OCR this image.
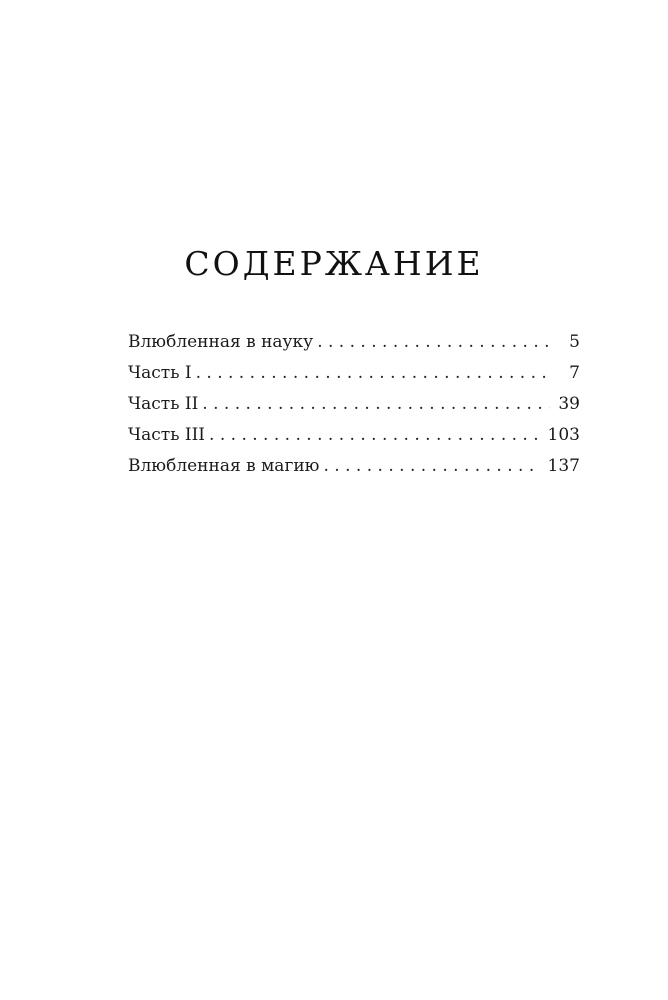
СОДЕРЖАНИЕ
Влюбленная в науку . . .	5
Часть I . . .	7
Часть II . . .	39
Часть III . . .	103
Влюбленная в магию . . .	137
